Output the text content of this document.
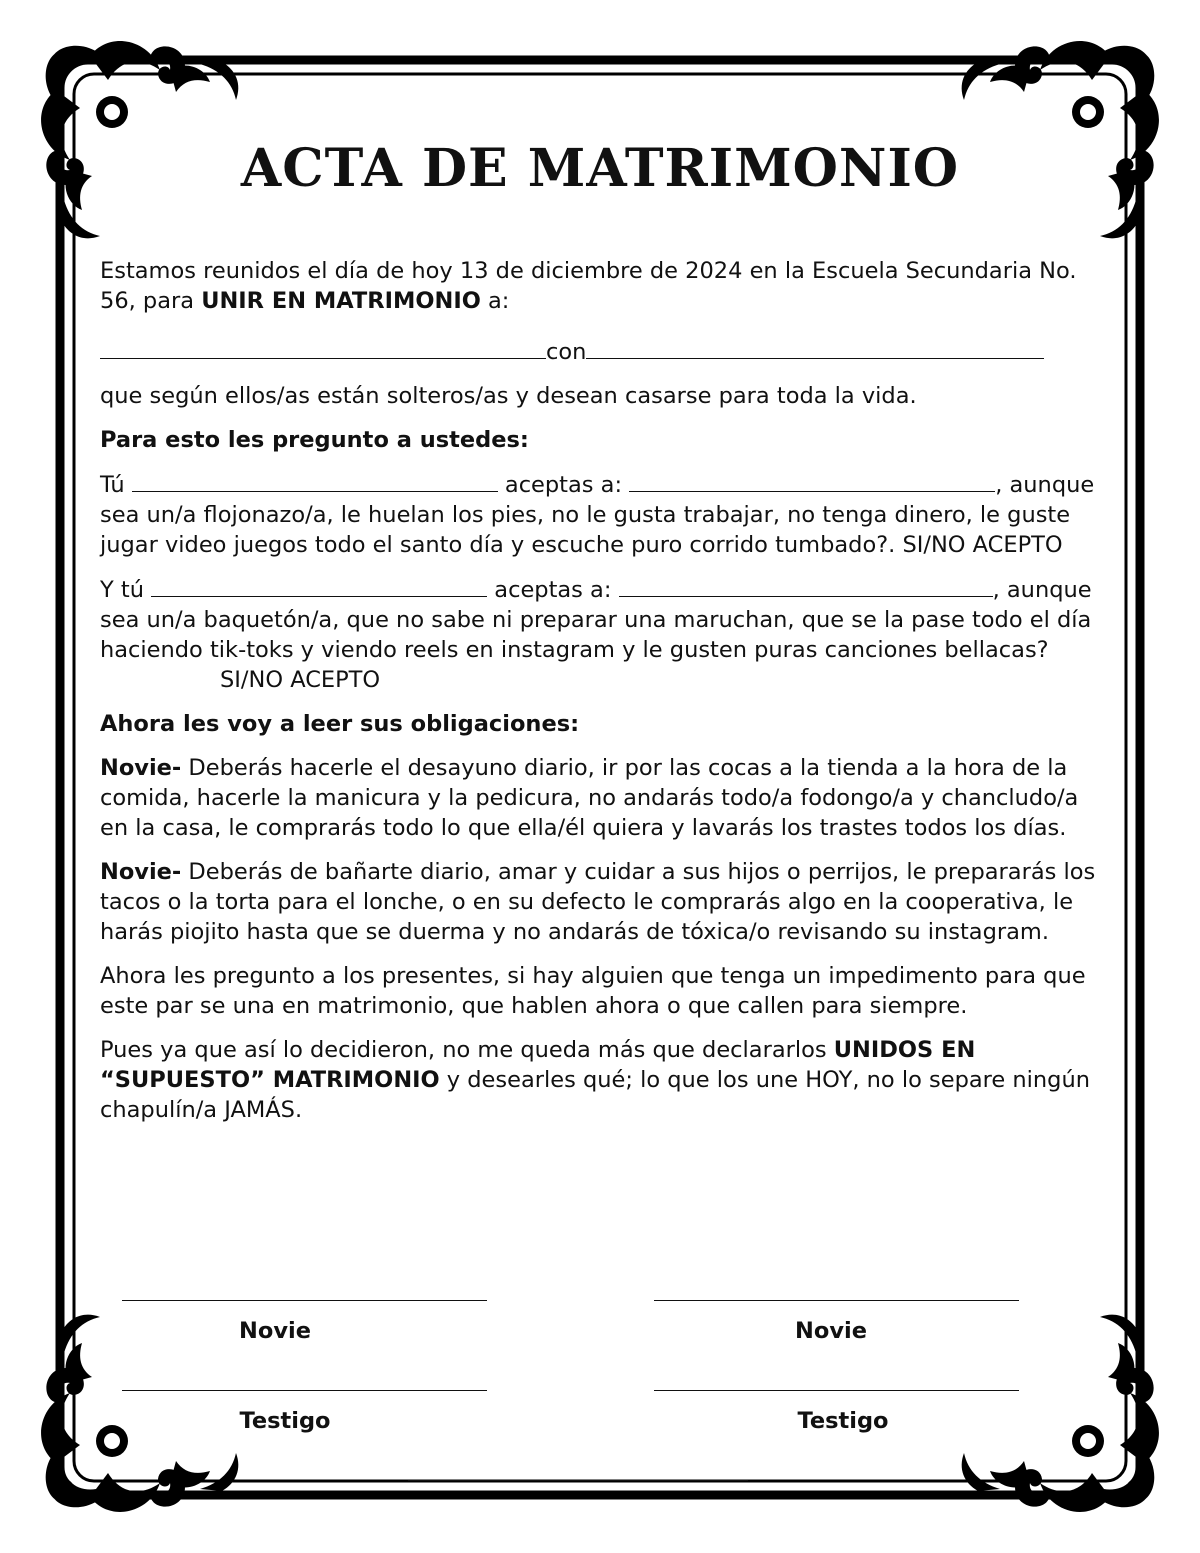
ACTA DE MATRIMONIO

Estamos reunidos el día de hoy 13 de diciembre de 2024 en la Escuela Secundaria No. 56, para UNIR EN MATRIMONIO a:

con

que según ellos/as están solteros/as y desean casarse para toda la vida.

Para esto les pregunto a ustedes:

Tú	aceptas a:	, aunque sea un/a flojonazo/a, le huelan los pies, no le gusta trabajar, no tenga dinero, le guste jugar video juegos todo el santo día y escuche puro corrido tumbado?. SI/NO ACEPTO

Y tú	aceptas a:	, aunque sea un/a baquetón/a, que no sabe ni preparar una maruchan, que se la pase todo el día haciendo tik-toks y viendo reels en instagram y le gusten puras canciones bellacas?SI/NO ACEPTO

Ahora les voy a leer sus obligaciones:

Novie- Deberás hacerle el desayuno diario, ir por las cocas a la tienda a la hora de la comida, hacerle la manicura y la pedicura, no andarás todo/a fodongo/a y chancludo/a en la casa, le comprarás todo lo que ella/él quiera y lavarás los trastes todos los días.

Novie- Deberás de bañarte diario, amar y cuidar a sus hijos o perrijos, le prepararás los tacos o la torta para el lonche, o en su defecto le comprarás algo en la cooperativa, le harás piojito hasta que se duerma y no andarás de tóxica/o revisando su instagram.

Ahora les pregunto a los presentes, si hay alguien que tenga un impedimento para que este par se una en matrimonio, que hablen ahora o que callen para siempre.

Pues ya que así lo decidieron, no me queda más que declararlos UNIDOS EN “SUPUESTO” MATRIMONIO y desearles qué; lo que los une HOY, no lo separe ningún chapulín/a JAMÁS.

Novie	Novie
Testigo	Testigo
